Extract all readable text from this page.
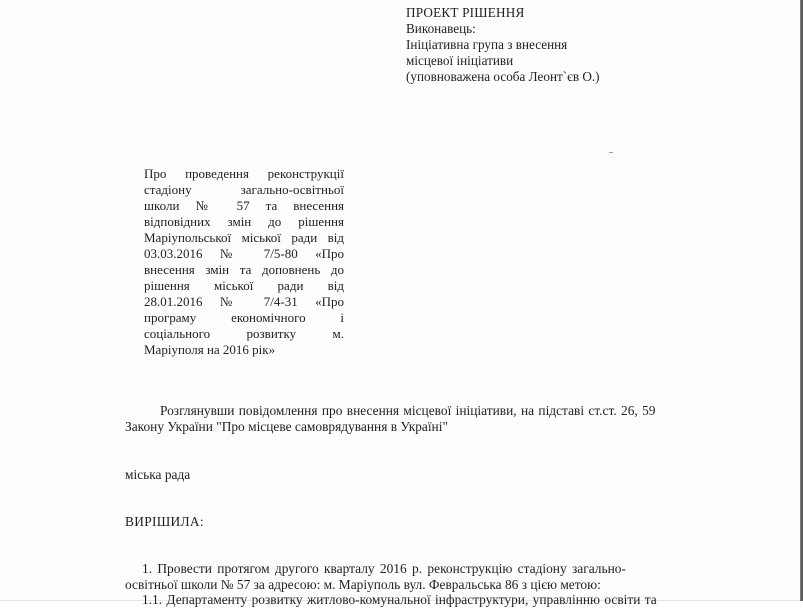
ПРОЕКТ РІШЕННЯ
Виконавець:
Ініціативна група з внесення
місцевої ініціативи
(уповноважена особа Леонт`єв О.)
Про проведення реконструкції
стадіону загально-освітньої
школи № 57 та внесення
відповідних змін до рішення
Маріупольської міської ради від
03.03.2016 № 7/5-80 «Про
внесення змін та доповнень до
рішення міської ради від
28.01.2016 № 7/4-31 «Про
програму економічного і
соціального розвитку м.
Маріуполя на 2016 рік»
Розглянувши повідомлення про внесення місцевої ініціативи, на підставі ст.ст. 26, 59
Закону України "Про місцеве самоврядування в Україні"
міська рада
ВИРІШИЛА:
1. Провести протягом другого кварталу 2016 р. реконструкцію стадіону загально-
освітньої школи № 57 за адресою: м. Маріуполь вул. Февральська 86 з цією метою:
1.1. Департаменту розвитку житлово-комунальної інфраструктури, управлінню освіти та
